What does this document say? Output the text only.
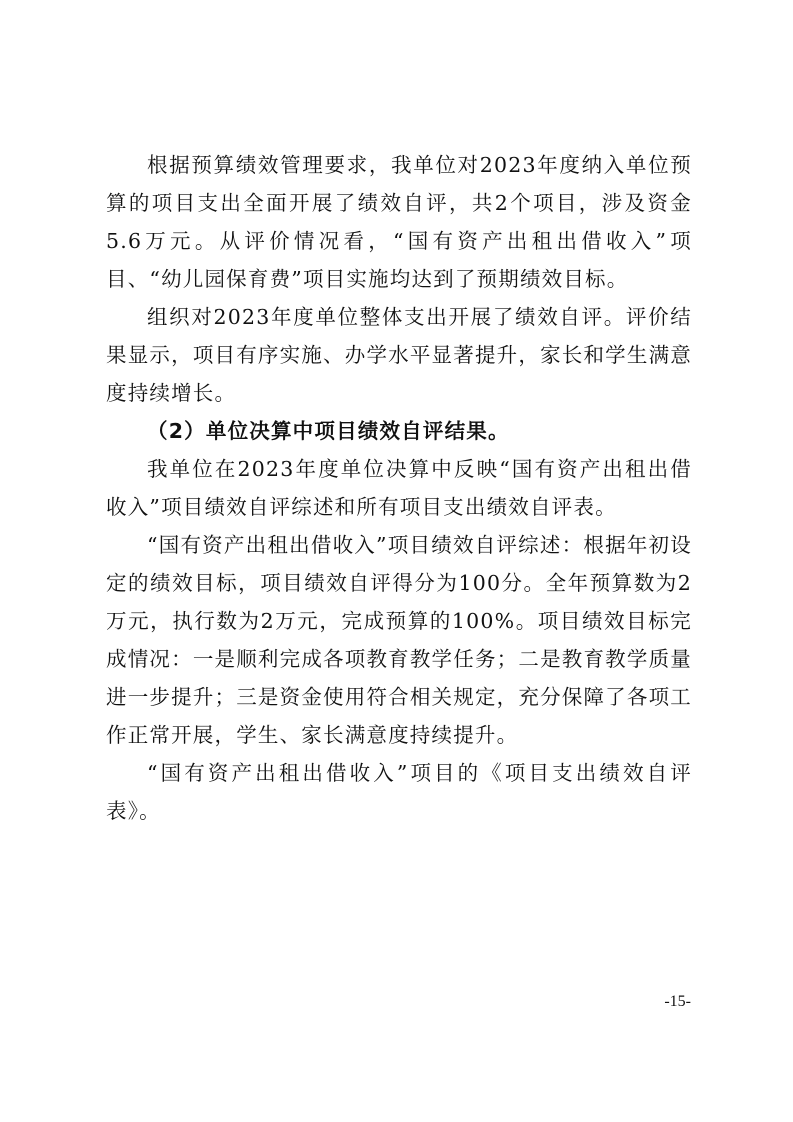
根据预算绩效管理要求，我单位对2023年度纳入单位预算的项目支出全面开展了绩效自评，共2个项目，涉及资金5.6万元。从评价情况看，“国有资产出租出借收入”项目、“幼儿园保育费”项目实施均达到了预期绩效目标。

组织对2023年度单位整体支出开展了绩效自评。评价结果显示，项目有序实施、办学水平显著提升，家长和学生满意度持续增长。

（2）单位决算中项目绩效自评结果。

我单位在2023年度单位决算中反映“国有资产出租出借收入”项目绩效自评综述和所有项目支出绩效自评表。

“国有资产出租出借收入”项目绩效自评综述：根据年初设定的绩效目标，项目绩效自评得分为100分。全年预算数为2万元，执行数为2万元，完成预算的100%。项目绩效目标完成情况：一是顺利完成各项教育教学任务；二是教育教学质量进一步提升；三是资金使用符合相关规定，充分保障了各项工作正常开展，学生、家长满意度持续提升。

“国有资产出租出借收入”项目的《项目支出绩效自评表》。

-15-
